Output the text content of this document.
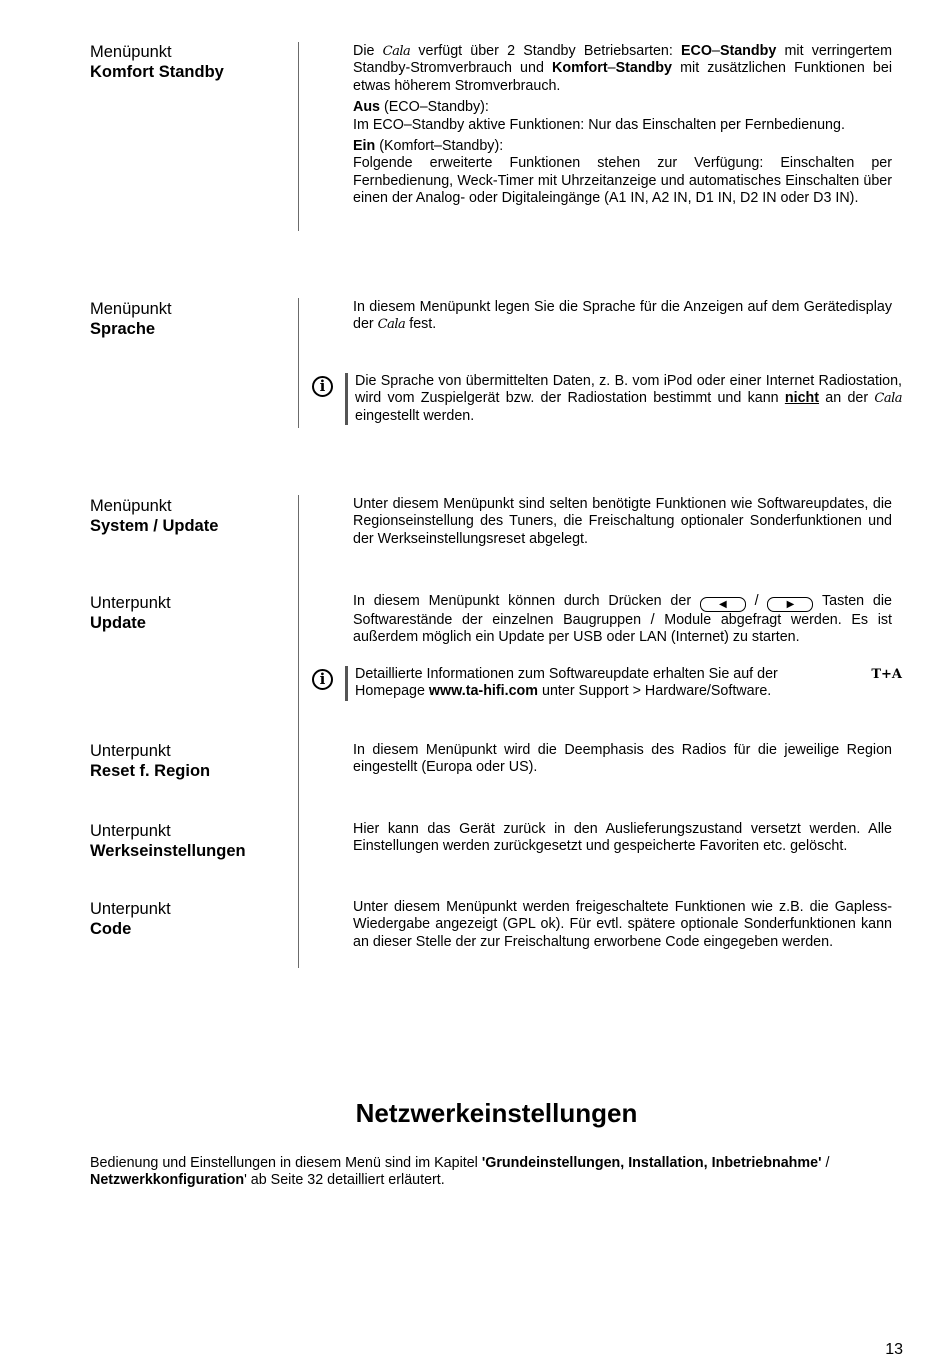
Menüpunkt
Komfort Standby

Die Cala verfügt über 2 Standby Betriebsarten: ECO–Standby mit verringertem Standby-Stromverbrauch und Komfort–Standby mit zusätzlichen Funktionen bei etwas höherem Stromverbrauch.

Aus (ECO–Standby):

Im ECO–Standby aktive Funktionen: Nur das Einschalten per Fernbedienung.

Ein (Komfort–Standby):

Folgende erweiterte Funktionen stehen zur Verfügung: Einschalten per Fernbedienung, Weck-Timer mit Uhrzeitanzeige und automatisches Einschalten über einen der Analog- oder Digitaleingänge (A1 IN, A2 IN, D1 IN, D2 IN oder D3 IN).

Menüpunkt
Sprache

In diesem Menüpunkt legen Sie die Sprache für die Anzeigen auf dem Gerätedisplay der Cala fest.

i	Die Sprache von übermittelten Daten, z. B. vom iPod oder einer Internet Radiostation, wird vom Zuspielgerät bzw. der Radiostation bestimmt und kann nicht an der Cala eingestellt werden.
Menüpunkt
System / Update

Unter diesem Menüpunkt sind selten benötigte Funktionen wie Softwareupdates, die Regionseinstellung des Tuners, die Freischaltung optionaler Sonderfunktionen und der Werkseinstellungsreset abgelegt.

Unterpunkt
Update

In diesem Menüpunkt können durch Drücken der ◀ / ▶ Tasten die Softwarestände der einzelnen Baugruppen / Module abgefragt werden. Es ist außerdem möglich ein Update per USB oder LAN (Internet) zu starten.

i	T+A
Detaillierte Informationen zum Softwareupdate erhalten Sie auf der
Homepage www.ta-hifi.com unter Support > Hardware/Software.
Unterpunkt
Reset f. Region

In diesem Menüpunkt wird die Deemphasis des Radios für die jeweilige Region eingestellt (Europa oder US).

Unterpunkt
Werkseinstellungen

Hier kann das Gerät zurück in den Auslieferungszustand versetzt werden. Alle Einstellungen werden zurückgesetzt und gespeicherte Favoriten etc. gelöscht.

Unterpunkt
Code

Unter diesem Menüpunkt werden freigeschaltete Funktionen wie z.B. die Gapless-Wiedergabe angezeigt (GPL ok). Für evtl. spätere optionale Sonderfunktionen kann an dieser Stelle der zur Freischaltung erworbene Code eingegeben werden.

Netzwerkeinstellungen
Bedienung und Einstellungen in diesem Menü sind im Kapitel 'Grundeinstellungen, Installation, Inbetriebnahme' /
Netzwerkkonfiguration' ab Seite 32 detailliert erläutert.
13
